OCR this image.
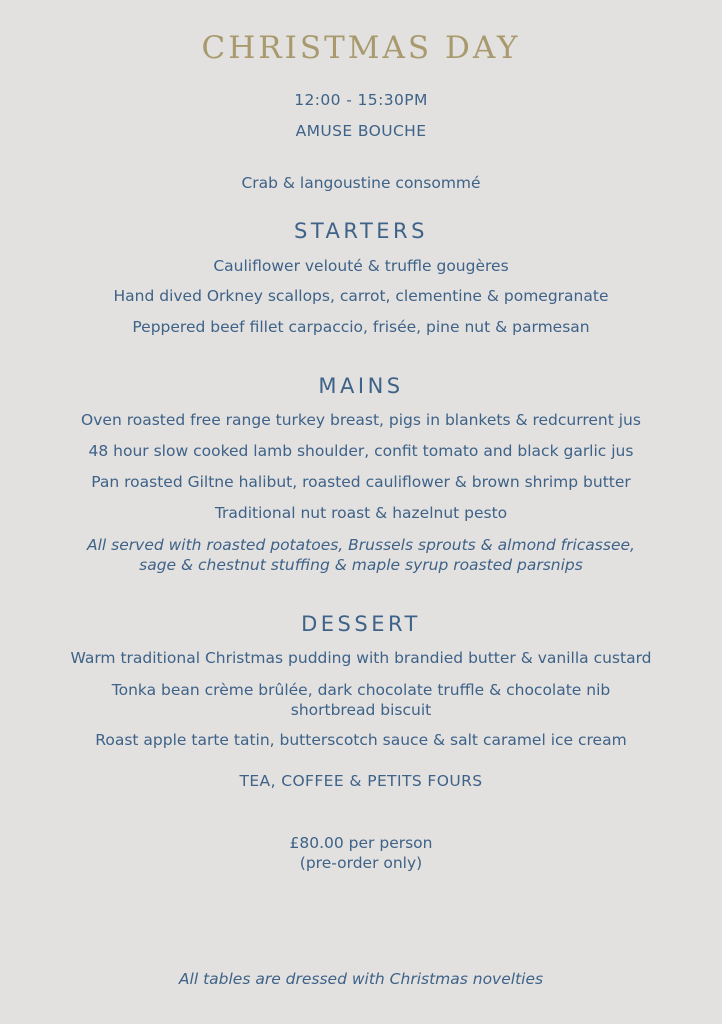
CHRISTMAS DAY
12:00 - 15:30PM
AMUSE BOUCHE
Crab & langoustine consommé
STARTERS
Cauliflower velouté & truffle gougères
Hand dived Orkney scallops, carrot, clementine & pomegranate
Peppered beef fillet carpaccio, frisée, pine nut & parmesan
MAINS
Oven roasted free range turkey breast, pigs in blankets & redcurrent jus
48 hour slow cooked lamb shoulder, confit tomato and black garlic jus
Pan roasted Giltne halibut, roasted cauliflower & brown shrimp butter
Traditional nut roast & hazelnut pesto
All served with roasted potatoes, Brussels sprouts & almond fricassee,
sage & chestnut stuffing & maple syrup roasted parsnips
DESSERT
Warm traditional Christmas pudding with brandied butter & vanilla custard
Tonka bean crème brûlée, dark chocolate truffle & chocolate nib
shortbread biscuit
Roast apple tarte tatin, butterscotch sauce & salt caramel ice cream
TEA, COFFEE & PETITS FOURS
£80.00 per person
(pre-order only)
All tables are dressed with Christmas novelties
